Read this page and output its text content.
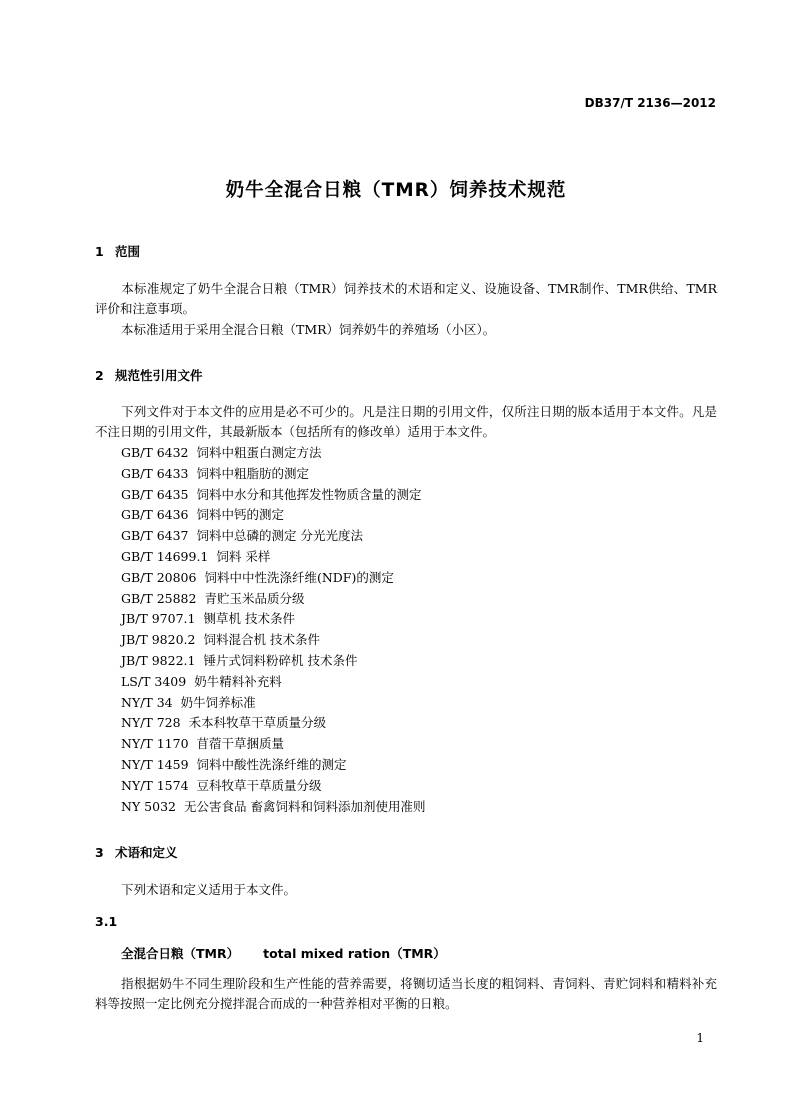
DB37/T 2136—2012
奶牛全混合日粮（TMR）饲养技术规范
1 范围
本标准规定了奶牛全混合日粮（TMR）饲养技术的术语和定义、设施设备、TMR制作、TMR供给、TMR评价和注意事项。
本标准适用于采用全混合日粮（TMR）饲养奶牛的养殖场（小区）。
2 规范性引用文件
下列文件对于本文件的应用是必不可少的。凡是注日期的引用文件，仅所注日期的版本适用于本文件。凡是不注日期的引用文件，其最新版本（包括所有的修改单）适用于本文件。
GB/T 6432 饲料中粗蛋白测定方法
GB/T 6433 饲料中粗脂肪的测定
GB/T 6435 饲料中水分和其他挥发性物质含量的测定
GB/T 6436 饲料中钙的测定
GB/T 6437 饲料中总磷的测定 分光光度法
GB/T 14699.1 饲料 采样
GB/T 20806 饲料中中性洗涤纤维(NDF)的测定
GB/T 25882 青贮玉米品质分级
JB/T 9707.1 铡草机 技术条件
JB/T 9820.2 饲料混合机 技术条件
JB/T 9822.1 锤片式饲料粉碎机 技术条件
LS/T 3409 奶牛精料补充料
NY/T 34 奶牛饲养标准
NY/T 728 禾本科牧草干草质量分级
NY/T 1170 苜蓿干草捆质量
NY/T 1459 饲料中酸性洗涤纤维的测定
NY/T 1574 豆科牧草干草质量分级
NY 5032 无公害食品 畜禽饲料和饲料添加剂使用准则
3 术语和定义
下列术语和定义适用于本文件。
3.1
全混合日粮（TMR） total mixed ration（TMR）
指根据奶牛不同生理阶段和生产性能的营养需要，将铡切适当长度的粗饲料、青饲料、青贮饲料和精料补充料等按照一定比例充分搅拌混合而成的一种营养相对平衡的日粮。
1
